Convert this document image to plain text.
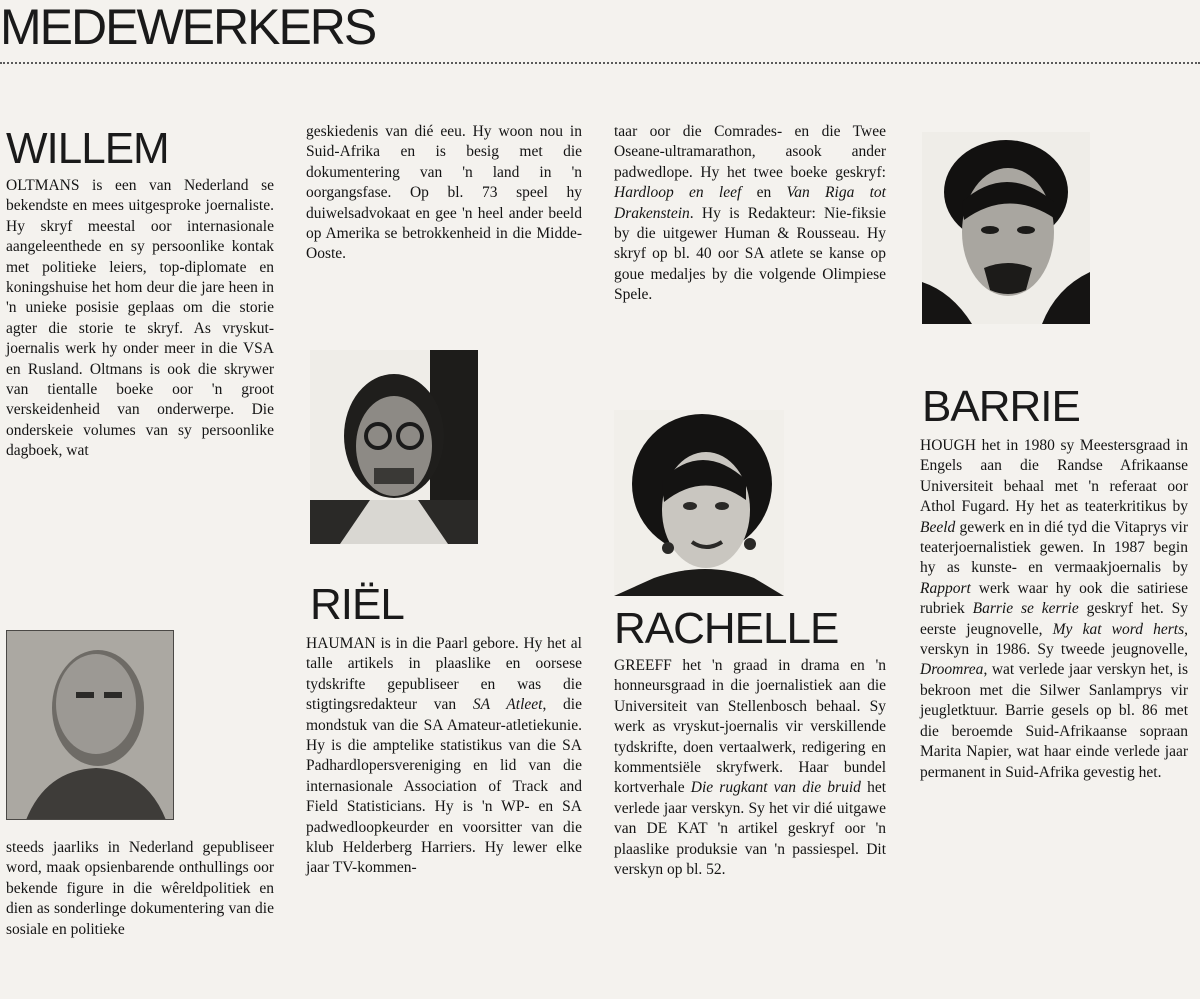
MEDEWERKERS
WILLEM

OLTMANS is een van Nederland se bekendste en mees uitgesproke joernaliste. Hy skryf meestal oor internasionale aangeleenthede en sy persoonlike kontak met politieke leiers, top-diplomate en koningshuise het hom deur die jare heen in 'n unieke posisie geplaas om die storie agter die storie te skryf. As vryskut-joernalis werk hy onder meer in die VSA en Rusland. Oltmans is ook die skrywer van tientalle boeke oor 'n groot verskeidenheid van onderwerpe. Die onderskeie volumes van sy persoonlike dagboek, wat

steeds jaarliks in Nederland gepubliseer word, maak opsienbarende onthullings oor bekende figure in die wêreldpolitiek en dien as sonderlinge dokumentering van die sosiale en politieke

geskiedenis van dié eeu. Hy woon nou in Suid-Afrika en is besig met die dokumentering van 'n land in 'n oorgangsfase. Op bl. 73 speel hy duiwelsadvokaat en gee 'n heel ander beeld op Amerika se betrokkenheid in die Midde-Ooste.

RIËL

HAUMAN is in die Paarl gebore. Hy het al talle artikels in plaaslike en oorsese tydskrifte gepubliseer en was die stigtingsredakteur van SA Atleet, die mondstuk van die SA Amateur-atletiekunie. Hy is die amptelike statistikus van die SA Padhardlopersvereniging en lid van die internasionale Association of Track and Field Statisticians. Hy is 'n WP- en SA padwedloopkeurder en voorsitter van die klub Helderberg Harriers. Hy lewer elke jaar TV-kommen-

taar oor die Comrades- en die Twee Oseane-ultramarathon, asook ander padwedlope. Hy het twee boeke geskryf: Hardloop en leef en Van Riga tot Drakenstein. Hy is Redakteur: Nie-fiksie by die uitgewer Human & Rousseau. Hy skryf op bl. 40 oor SA atlete se kanse op goue medaljes by die volgende Olimpiese Spele.

RACHELLE

GREEFF het 'n graad in drama en 'n honneursgraad in die joernalistiek aan die Universiteit van Stellenbosch behaal. Sy werk as vryskut-joernalis vir verskillende tydskrifte, doen vertaalwerk, redigering en kommentsiële skryfwerk. Haar bundel kortverhale Die rugkant van die bruid het verlede jaar verskyn. Sy het vir dié uitgawe van DE KAT 'n artikel geskryf oor 'n plaaslike produksie van 'n passiespel. Dit verskyn op bl. 52.

BARRIE

HOUGH het in 1980 sy Meestersgraad in Engels aan die Randse Afrikaanse Universiteit behaal met 'n referaat oor Athol Fugard. Hy het as teaterkritikus by Beeld gewerk en in dié tyd die Vitaprys vir teaterjoernalistiek gewen. In 1987 begin hy as kunste- en vermaakjoernalis by Rapport werk waar hy ook die satiriese rubriek Barrie se kerrie geskryf het. Sy eerste jeugnovelle, My kat word herts, verskyn in 1986. Sy tweede jeugnovelle, Droomrea, wat verlede jaar verskyn het, is bekroon met die Silwer Sanlamprys vir jeugletktuur. Barrie gesels op bl. 86 met die beroemde Suid-Afrikaanse sopraan Marita Napier, wat haar einde verlede jaar permanent in Suid-Afrika gevestig het.
